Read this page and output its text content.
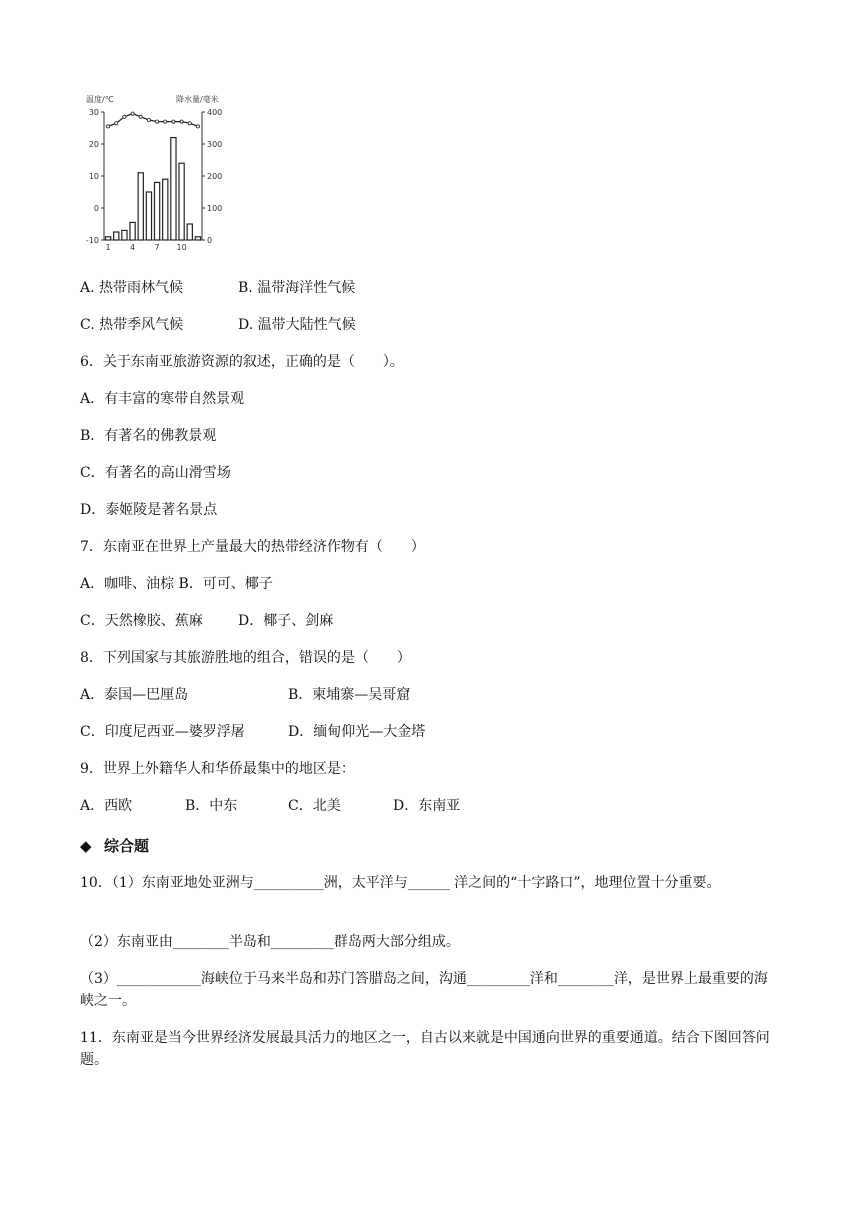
温度/℃	降水量/毫米
30
20
10
0
-10
400
300
200
100
0
1 4 7 10
A. 热带雨林气候	B. 温带海洋性气候
C. 热带季风气候	D. 温带大陆性气候
6．关于东南亚旅游资源的叙述，正确的是（　　）。
A．有丰富的寒带自然景观
B．有著名的佛教景观
C．有著名的高山滑雪场
D．泰姬陵是著名景点
7．东南亚在世界上产量最大的热带经济作物有（　　）
A．咖啡、油棕 B．可可、椰子
C．天然橡胶、蕉麻	D．椰子、剑麻
8．下列国家与其旅游胜地的组合，错误的是（　　）
A．泰国—巴厘岛	B．柬埔寨—吴哥窟
C．印度尼西亚—婆罗浮屠	D．缅甸仰光—大金塔
9．世界上外籍华人和华侨最集中的地区是：
A．西欧	B．中东	C．北美	D．东南亚
◆ 综合题
10．（1）东南亚地处亚洲与__________洲，太平洋与______ 洋之间的“十字路口”，地理位置十分重要。
（2）东南亚由________半岛和_________群岛两大部分组成。
（3）____________海峡位于马来半岛和苏门答腊岛之间，沟通_________洋和________洋，是世界上最重要的海峡之一。
11．东南亚是当今世界经济发展最具活力的地区之一，自古以来就是中国通向世界的重要通道。结合下图回答问题。
